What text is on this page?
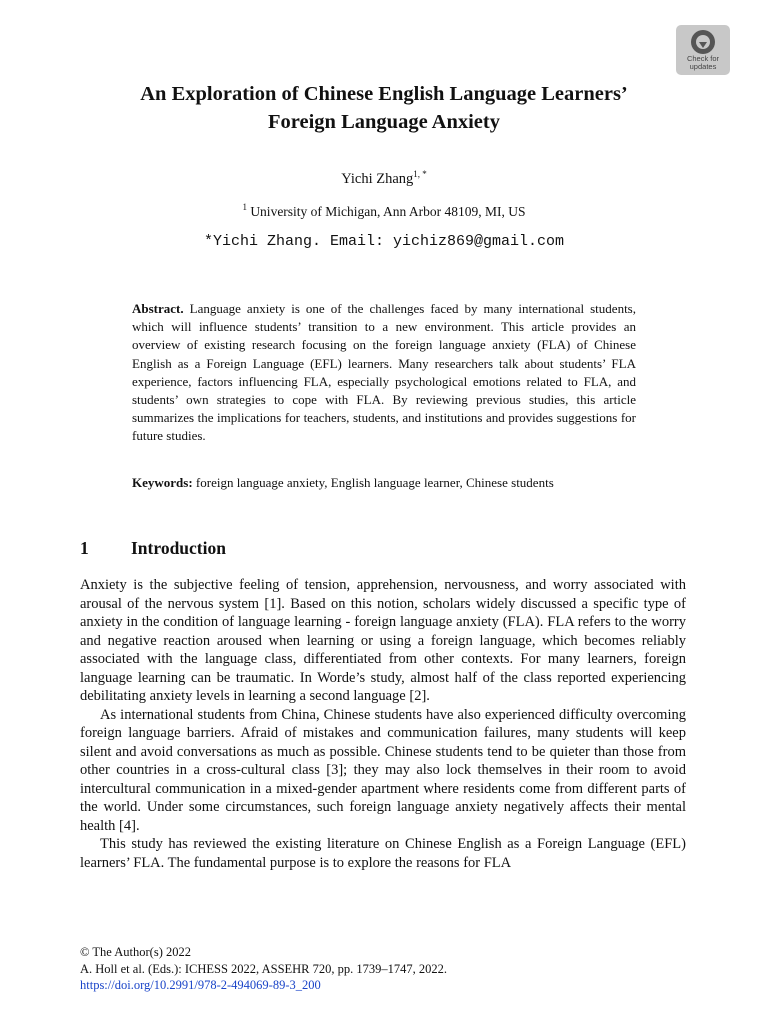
Check for
updates
An Exploration of Chinese English Language Learners’
Foreign Language Anxiety
Yichi Zhang$^{1, *}$
$^1$ University of Michigan, Ann Arbor 48109, MI, US
*Yichi Zhang. Email: yichiz869@gmail.com
Abstract. Language anxiety is one of the challenges faced by many international students, which will influence students’ transition to a new environment. This article provides an overview of existing research focusing on the foreign language anxiety (FLA) of Chinese English as a Foreign Language (EFL) learners. Many researchers talk about students’ FLA experience, factors influencing FLA, especially psychological emotions related to FLA, and students’ own strategies to cope with FLA. By reviewing previous studies, this article summarizes the implications for teachers, students, and institutions and provides suggestions for future studies.
Keywords: foreign language anxiety, English language learner, Chinese students
1 Introduction

Anxiety is the subjective feeling of tension, apprehension, nervousness, and worry associated with arousal of the nervous system [1]. Based on this notion, scholars widely discussed a specific type of anxiety in the condition of language learning - foreign language anxiety (FLA). FLA refers to the worry and negative reaction aroused when learning or using a foreign language, which becomes reliably associated with the language class, differentiated from other contexts. For many learners, foreign language learning can be traumatic. In Worde’s study, almost half of the class reported experiencing debilitating anxiety levels in learning a second language [2].

As international students from China, Chinese students have also experienced difficulty overcoming foreign language barriers. Afraid of mistakes and communication failures, many students will keep silent and avoid conversations as much as possible. Chinese students tend to be quieter than those from other countries in a cross-cultural class [3]; they may also lock themselves in their room to avoid intercultural communication in a mixed-gender apartment where residents come from different parts of the world. Under some circumstances, such foreign language anxiety negatively affects their mental health [4].

This study has reviewed the existing literature on Chinese English as a Foreign Language (EFL) learners’ FLA. The fundamental purpose is to explore the reasons for FLA

© The Author(s) 2022
A. Holl et al. (Eds.): ICHESS 2022, ASSEHR 720, pp. 1739–1747, 2022.
https://doi.org/10.2991/978-2-494069-89-3_200
